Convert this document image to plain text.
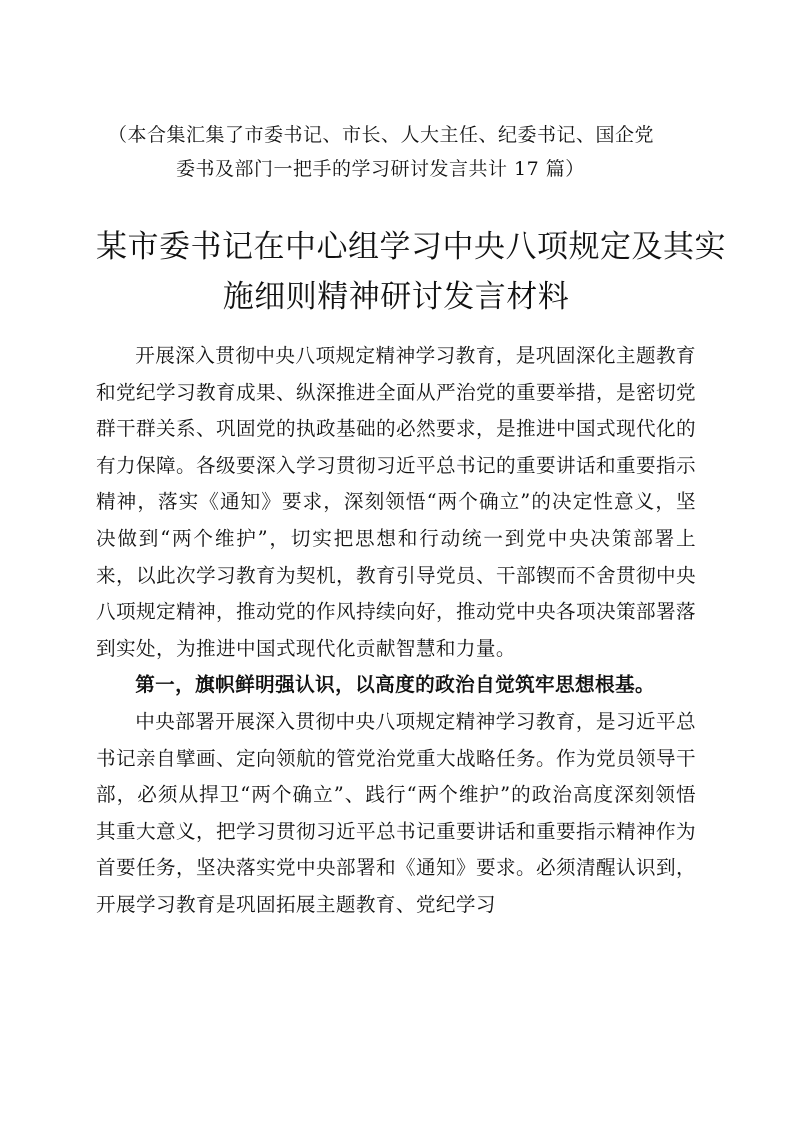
（本合集汇集了市委书记、市长、人大主任、纪委书记、国企党
委书及部门一把手的学习研讨发言共计 17 篇）
某市委书记在中心组学习中央八项规定及其实
施细则精神研讨发言材料

开展深入贯彻中央八项规定精神学习教育，是巩固深化主题教育和党纪学习教育成果、纵深推进全面从严治党的重要举措，是密切党群干群关系、巩固党的执政基础的必然要求，是推进中国式现代化的有力保障。各级要深入学习贯彻习近平总书记的重要讲话和重要指示精神，落实《通知》要求，深刻领悟“两个确立”的决定性意义，坚决做到“两个维护”，切实把思想和行动统一到党中央决策部署上来，以此次学习教育为契机，教育引导党员、干部锲而不舍贯彻中央八项规定精神，推动党的作风持续向好，推动党中央各项决策部署落到实处，为推进中国式现代化贡献智慧和力量。

第一，旗帜鲜明强认识，以高度的政治自觉筑牢思想根基。

中央部署开展深入贯彻中央八项规定精神学习教育，是习近平总书记亲自擘画、定向领航的管党治党重大战略任务。作为党员领导干部，必须从捍卫“两个确立”、践行“两个维护”的政治高度深刻领悟其重大意义，把学习贯彻习近平总书记重要讲话和重要指示精神作为首要任务，坚决落实党中央部署和《通知》要求。必须清醒认识到，开展学习教育是巩固拓展主题教育、党纪学习
